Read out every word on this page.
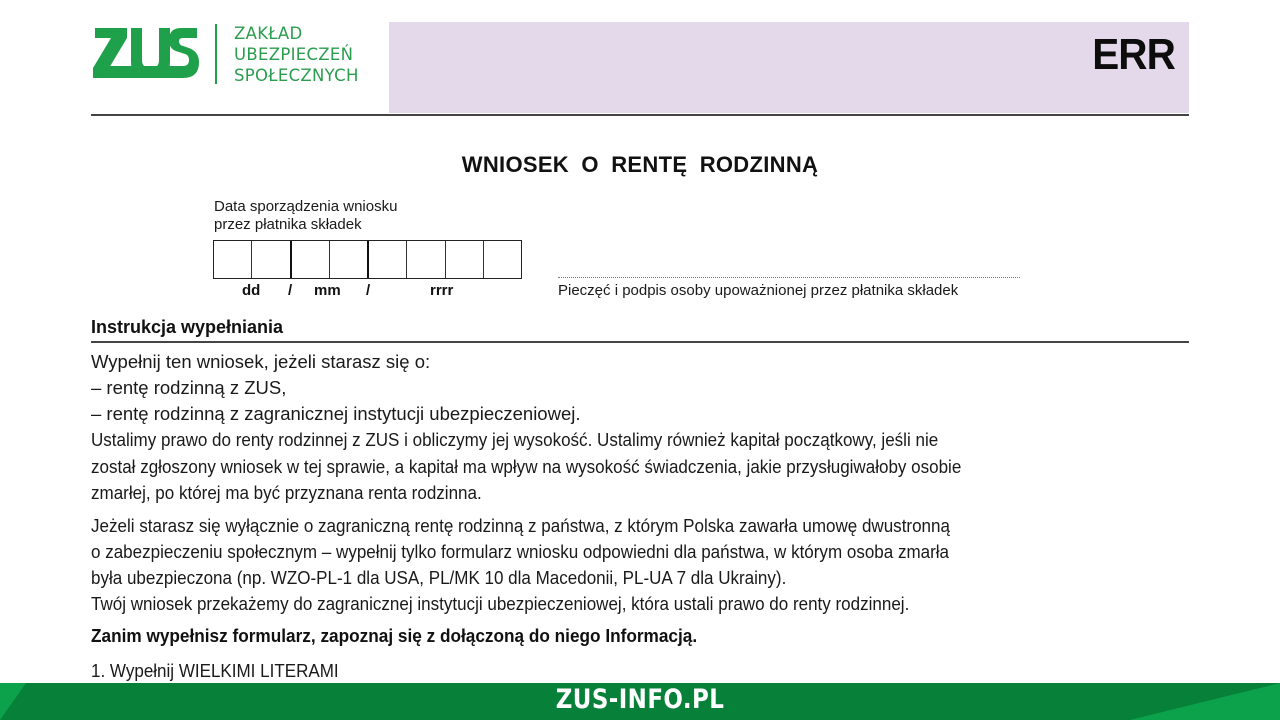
ZAKŁAD
UBEZPIECZEŃ
SPOŁECZNYCH	ERR
WNIOSEK O RENTĘ RODZINNĄ
Data sporządzenia wniosku
przez płatnika składek
dd / mm /	rrrr	Pieczęć i podpis osoby upoważnionej przez płatnika składek
Instrukcja wypełniania

Wypełnij ten wniosek, jeżeli starasz się o:

– rentę rodzinną z ZUS,

– rentę rodzinną z zagranicznej instytucji ubezpieczeniowej.

Ustalimy prawo do renty rodzinnej z ZUS i obliczymy jej wysokość. Ustalimy również kapitał początkowy, jeśli nie

został zgłoszony wniosek w tej sprawie, a kapitał ma wpływ na wysokość świadczenia, jakie przysługiwałoby osobie

zmarłej, po której ma być przyznana renta rodzinna.

Jeżeli starasz się wyłącznie o zagraniczną rentę rodzinną z państwa, z którym Polska zawarła umowę dwustronną

o zabezpieczeniu społecznym – wypełnij tylko formularz wniosku odpowiedni dla państwa, w którym osoba zmarła

była ubezpieczona (np. WZO-PL-1 dla USA, PL/MK 10 dla Macedonii, PL-UA 7 dla Ukrainy).

Twój wniosek przekażemy do zagranicznej instytucji ubezpieczeniowej, która ustali prawo do renty rodzinnej.

Zanim wypełnisz formularz, zapoznaj się z dołączoną do niego Informacją.
1. Wypełnij WIELKIMI LITERAMI
ZUS-INFO.PL
